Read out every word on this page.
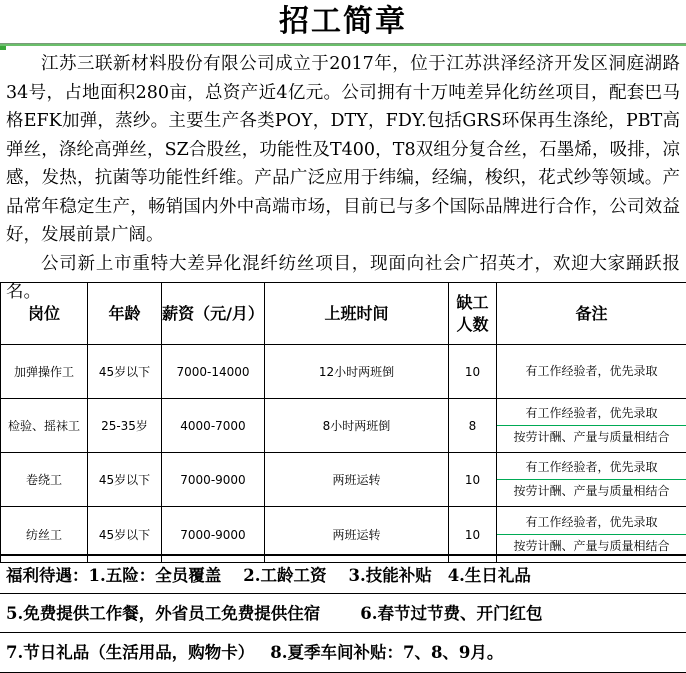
招工简章

江苏三联新材料股份有限公司成立于2017年，位于江苏洪泽经济开发区洞庭湖路34号，占地面积280亩，总资产近4亿元。公司拥有十万吨差异化纺丝项目，配套巴马格EFK加弹，蒸纱。主要生产各类POY，DTY，FDY.包括GRS环保再生涤纶，PBT高弹丝，涤纶高弹丝，SZ合股丝，功能性及T400，T8双组分复合丝，石墨烯，吸排，凉感，发热，抗菌等功能性纤维。产品广泛应用于纬编，经编，梭织，花式纱等领域。产品常年稳定生产，畅销国内外中高端市场，目前已与多个国际品牌进行合作，公司效益好，发展前景广阔。

公司新上市重特大差异化混纤纺丝项目，现面向社会广招英才，欢迎大家踊跃报名。

岗位	年龄	薪资（元/月）	上班时间	缺工人数	备注
加弹操作工	45岁以下	7000-14000	12小时两班倒	10	有工作经验者，优先录取

检验、摇袜工	25-35岁	4000-7000	8小时两班倒	8	有工作经验者，优先录取
按劳计酬、产量与质量相结合

卷绕工	45岁以下	7000-9000	两班运转	10	有工作经验者，优先录取
按劳计酬、产量与质量相结合

纺丝工	45岁以下	7000-9000	两班运转	10	有工作经验者，优先录取
按劳计酬、产量与质量相结合
福利待遇：1.五险：全员覆盖 2.工龄工资 3.技能补贴 4.生日礼品
5.免费提供工作餐，外省员工免费提供住宿 6.春节过节费、开门红包
7.节日礼品（生活用品，购物卡） 8.夏季车间补贴：7、8、9月。
